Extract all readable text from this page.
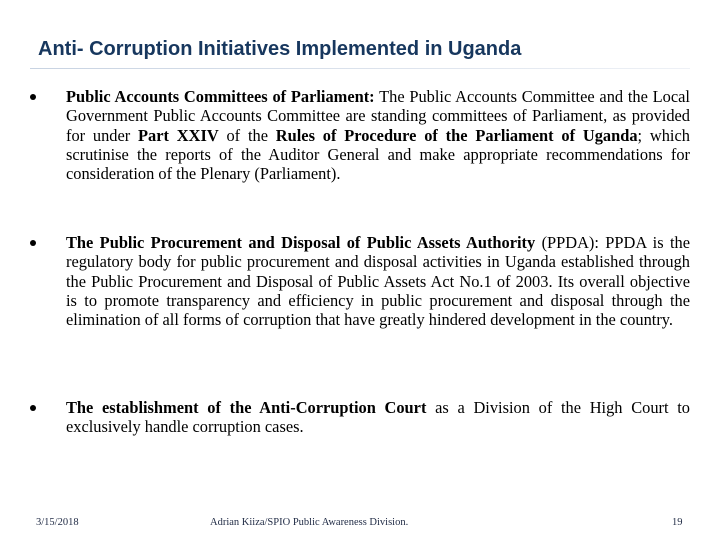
Anti- Corruption Initiatives Implemented in Uganda

Public Accounts Committees of Parliament: The Public Accounts Committee and the Local Government Public Accounts Committee are standing committees of Parliament, as provided for under Part XXIV of the Rules of Procedure of the Parliament of Uganda; which scrutinise the reports of the Auditor General and make appropriate recommendations for consideration of the Plenary (Parliament).

The Public Procurement and Disposal of Public Assets Authority (PPDA): PPDA is the regulatory body for public procurement and disposal activities in Uganda established through the Public Procurement and Disposal of Public Assets Act No.1 of 2003. Its overall objective is to promote transparency and efficiency in public procurement and disposal through the elimination of all forms of corruption that have greatly hindered development in the country.

The establishment of the Anti-Corruption Court as a Division of the High Court to exclusively handle corruption cases.

3/15/2018	Adrian Kiiza/SPIO Public Awareness Division.	19
